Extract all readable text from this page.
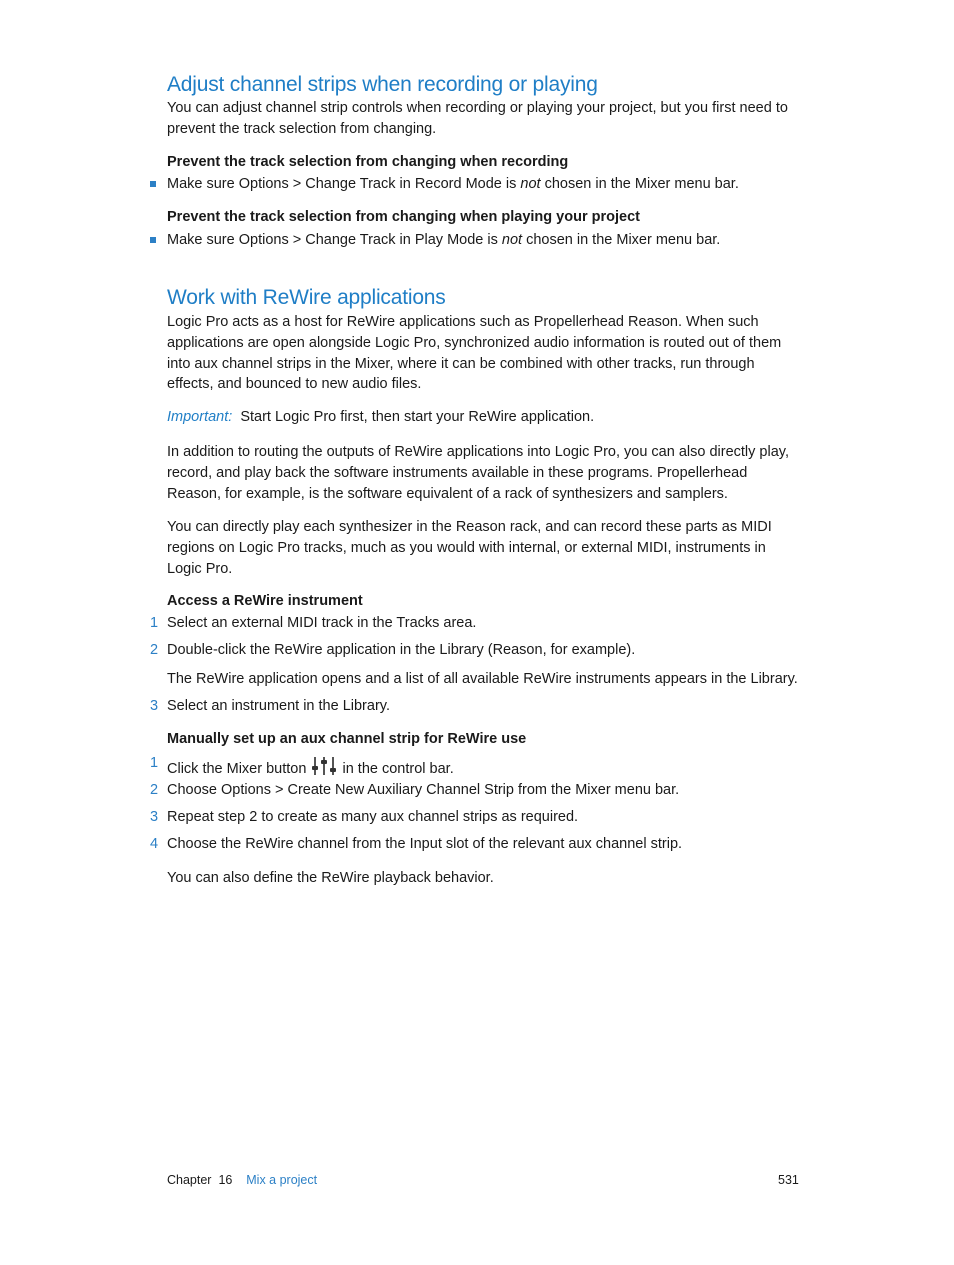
Adjust channel strips when recording or playing
You can adjust channel strip controls when recording or playing your project, but you first need to prevent the track selection from changing.
Prevent the track selection from changing when recording
Make sure Options > Change Track in Record Mode is not chosen in the Mixer menu bar.
Prevent the track selection from changing when playing your project
Make sure Options > Change Track in Play Mode is not chosen in the Mixer menu bar.
Work with ReWire applications
Logic Pro acts as a host for ReWire applications such as Propellerhead Reason. When such applications are open alongside Logic Pro, synchronized audio information is routed out of them into aux channel strips in the Mixer, where it can be combined with other tracks, run through effects, and bounced to new audio files.
Important: Start Logic Pro first, then start your ReWire application.
In addition to routing the outputs of ReWire applications into Logic Pro, you can also directly play, record, and play back the software instruments available in these programs. Propellerhead Reason, for example, is the software equivalent of a rack of synthesizers and samplers.
You can directly play each synthesizer in the Reason rack, and can record these parts as MIDI regions on Logic Pro tracks, much as you would with internal, or external MIDI, instruments in Logic Pro.
Access a ReWire instrument
1 Select an external MIDI track in the Tracks area.
2 Double-click the ReWire application in the Library (Reason, for example).
The ReWire application opens and a list of all available ReWire instruments appears in the Library.
3 Select an instrument in the Library.
Manually set up an aux channel strip for ReWire use
1 Click the Mixer button in the control bar.
2 Choose Options > Create New Auxiliary Channel Strip from the Mixer menu bar.
3 Repeat step 2 to create as many aux channel strips as required.
4 Choose the ReWire channel from the Input slot of the relevant aux channel strip.
You can also define the ReWire playback behavior.
Chapter 16 Mix a project	531
